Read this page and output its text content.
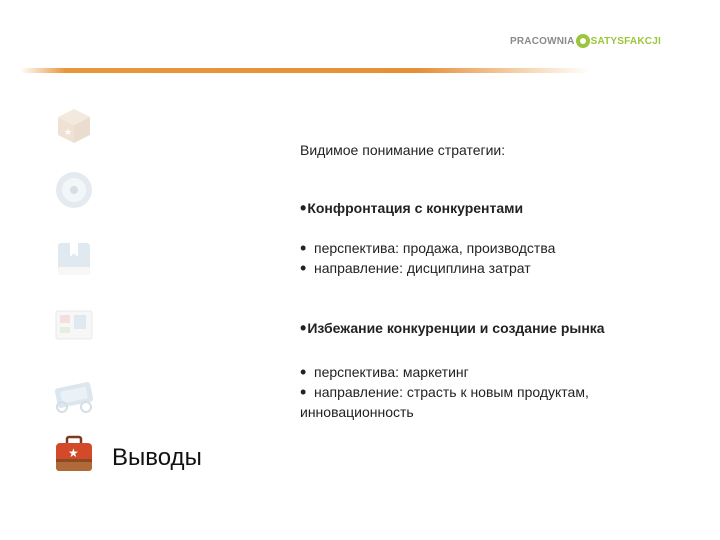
PRACOWNIA SATYSFAKCJI
★
★ Выводы
Видимое понимание стратегии:
•Конфронтация с конкурентами
• перспектива: продажа, производства
• направление: дисциплина затрат
•Избежание конкуренции и создание рынка
• перспектива: маркетинг
• направление: страсть к новым продуктам,
инновационность
